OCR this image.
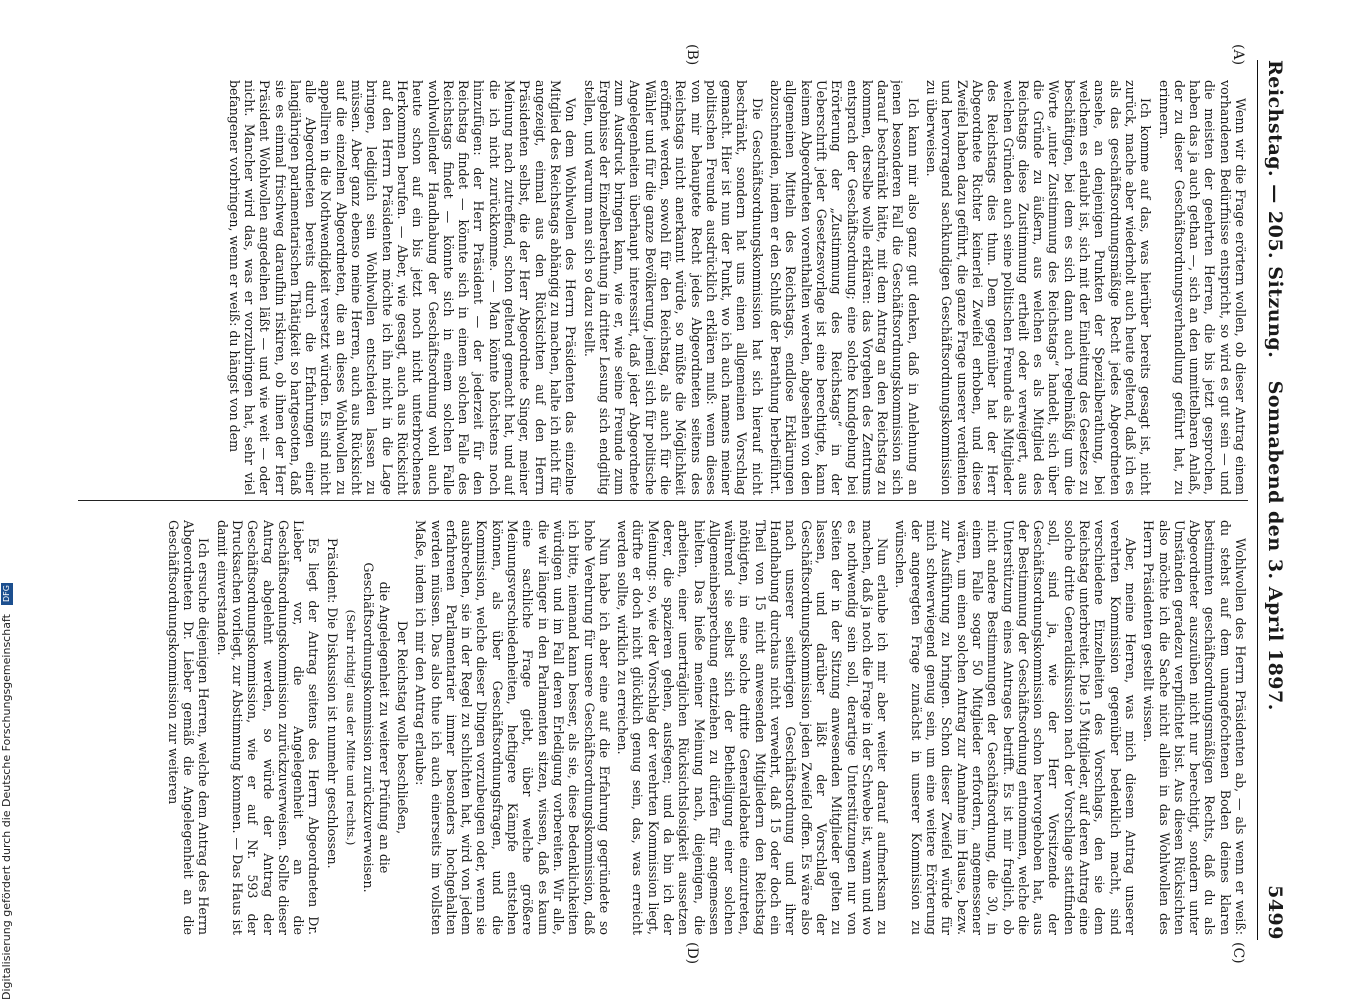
Reichstag. — 205. Sitzung.
Sonnabend den 3. April 1897.  5499
(A)
(B)
(C)
(D)

Wenn wir die Frage erörtern wollen, ob dieser Antrag einem vorhandenen Bedürfnisse entspricht, so wird es gut sein — und die meisten der geehrten Herren, die bis jetzt gesprochen, haben das ja auch gethan —, sich an den unmittelbaren Anlaß, der zu dieser Geschäftsordnungsverhandlung geführt hat, zu erinnern.

Ich komme auf das, was hierüber bereits gesagt ist, nicht zurück, mache aber wiederholt auch heute geltend, daß ich es als das geschäftsordnungsmäßige Recht jedes Abgeordneten ansehe, an denjenigen Punkten der Spezialberathung, bei welchem es erlaubt ist, sich mit der Einleitung des Gesetzes zu beschäftigen, bei dem es sich dann auch regelmäßig um die Worte „unter Zustimmung des Reichstags“ handelt, sich über die Gründe zu äußern, aus welchen es als Mitglied des Reichstags diese Zustimmung ertheilt oder verweigert, aus welchen Gründen auch seine politischen Freunde als Mitglieder des Reichstags dies thun. Dem gegenüber hat der Herr Abgeordnete Richter keinerlei Zweifel erhoben, und diese Zweifel haben dazu geführt, die ganze Frage unserer verdienten und hervorragend sachkundigen Geschäftsordnungskommission zu überweisen.

Ich kann mir also ganz gut denken, daß in Anlehnung an jenen besonderen Fall die Geschäftsordnungskommission sich darauf beschränkt hätte, mit dem Antrag an den Reichstag zu kommen, derselbe wolle erklären: das Vorgehen des Zentrums entsprach der Geschäftsordnung; eine solche Kundgebung bei Erörterung der „Zustimmung des Reichstags“ in der Ueberschrift jeder Gesetzesvorlage ist eine berechtigte, kann keinem Abgeordneten vorenthalten werden, abgesehen von den allgemeinen Mitteln des Reichstags, endlose Erklärungen abzuschneiden, indem er den Schluß der Berathung herbeiführt.

Die Geschäftsordnungskommission hat sich hierauf nicht beschränkt, sondern hat uns einen allgemeinen Vorschlag gemacht. Hier ist nun der Punkt, wo ich auch namens meiner politischen Freunde ausdrücklich erklären muß: wenn dieses von mir behauptete Recht jedes Abgeordneten seitens des Reichstags nicht anerkannt würde, so müßte die Möglichkeit eröffnet werden, sowohl für den Reichstag, als auch für die Wähler und für die ganze Bevölkerung, jemeil sich für politische Angelegenheiten überhaupt interessirt, daß jeder Abgeordnete zum Ausdruck bringen kann, wie er, wie seine Freunde zum Ergebnisse der Einzelberathung in dritter Lesung sich endgiltig stellen, und warum man sich so dazu stellt.

Von dem Wohlwollen des Herrn Präsidenten das einzelne Mitglied des Reichstags abhängig zu machen, halte ich nicht für angezeigt, einmal aus den Rücksichten auf den Herrn Präsidenten selbst, die der Herr Abgeordnete Singer, meiner Meinung nach zutreffend, schon geltend gemacht hat, und auf die ich nicht zurückkomme. — Man könnte höchstens noch hinzufügen: der Herr Präsident — der jederzeit für den Reichstag findet — könnte sich in einem solchen Falle des Reichstags findet — könnte sich in einem solchen Falle wohlwollender Handhabung der Geschäftsordnung wohl auch heute schon auf ein bis jetzt noch nicht unterbrochenes Herkommen berufen. — Aber, wie gesagt, auch aus Rücksicht auf den Herrn Präsidenten möchte ich ihn nicht in die Lage bringen, lediglich sein Wohlwollen entscheiden lassen zu müssen. Aber ganz ebenso meine Herren, auch aus Rücksicht auf die einzelnen Abgeordneten, die an dieses Wohlwollen zu appelliren in die Nothwendigkeit versetzt würden. Es sind nicht alle Abgeordneten bereits durch die Erfahrungen einer langjährigen parlamentarischen Thätigkeit so hartgesotten, daß sie es einmal frischweg daraufhin riskiren, ob ihnen der Herr Präsident Wohlwollen angedeihen läßt — und wie weit — oder nicht. Mancher wird das, was er vorzubringen hat, sehr viel befangener vorbringen, wenn er weiß: du hängst von dem

Wohlwollen des Herrn Präsidenten ab, — als wenn er weiß: du stehst auf dem unangefochtenen Boden deines klaren bestimmten geschäftsordnungsmäßigen Rechts, daß du als Abgeordneter auszuüben nicht nur berechtigt, sondern unter Umständen geradezu verpflichtet bist. Aus diesen Rücksichten also möchte ich die Sache nicht allein in das Wohlwollen des Herrn Präsidenten gestellt wissen.

Aber, meine Herren, was mich diesem Antrag unserer verehrten Kommission gegenüber bedenklich macht, sind verschiedene Einzelheiten des Vorschlags, den sie dem Reichstag unterbreitet. Die 15 Mitglieder, auf deren Antrag eine solche dritte Generaldiskussion nach der Vorschlage stattfinden soll, sind ja, wie der Herr Vorsitzende der Geschäftsordnungskommission schon hervorgehoben hat, aus der Bestimmung der Geschäftsordnung entnommen, welche die Unterstützung eines Antrages betrifft. Es ist mir fraglich, ob nicht andere Bestimmungen der Geschäftsordnung, die 30, in einem Falle sogar 50 Mitglieder erfordern, angemessener wären, um einen solchen Antrag zur Annahme im Hause, bezw. zur Ausführung zu bringen. Schon dieser Zweifel würde für mich schwerwiegend genug sein, um eine weitere Erörterung der angeregten Frage zunächst in unserer Kommission zu wünschen.

Nun erlaube ich mir aber weiter darauf aufmerksam zu machen, daß ja noch die Frage in der Schwebe ist, wann und wo es nothwendig sein soll, derartige Unterstützungen nur von Seiten der in der Sitzung anwesenden Mitglieder gelten zu lassen, und darüber läßt der Vorschlag der Geschäftsordnungskommission jeden Zweifel offen. Es wäre also nach unserer seitherigen Geschäftsordnung und ihrer Handhabung durchaus nicht verwehrt, daß 15 oder doch ein Theil von 15 nicht anwesenden Mitgliedern den Reichstag nöthigten, in eine solche dritte Generaldebatte einzutreten, während sie selbst sich der Betheiligung einer solchen Allgemeinbesprechung entziehen zu dürfen für angemessen hielten. Das hieße meiner Meinung nach, diejenigen, die arbeiten, einer unerträglichen Rücksichtslosigkeit aussetzen derer, die spazieren gehen, ausfegen; und da bin ich der Meinung: so, wie der Vorschlag der verehrten Kommission liegt, dürfte er doch nicht glücklich genug sein, das, was erreicht werden sollte, wirklich zu erreichen.

Nun habe ich aber eine auf die Erfahrung gegründete so hohe Verehrung für unsere Geschäftsordnungskommission, daß ich bitte, niemand kann besser, als sie, diese Bedenklichkeiten würdigen und im Fall deren Erledigung vorbereiten. Wir alle, die wir länger in den Parlamenten sitzen, wissen, daß es kaum eine sachliche Frage giebt, über welche größere Meinungsverschiedenheiten, heftigere Kämpfe entstehen können, als über Geschäftsordnungsfragen, und die Kommission, welche dieser Dingen vorzubeugen oder, wenn sie ausbrechen, sie in der Regel zu schlichten hat, wird von jedem erfahrenen Parlamentarier immer besonders hochgehalten werden müssen. Das also thue ich auch einerseits im vollsten Maße, indem ich mir den Antrag erlaube:

Der Reichstag wolle beschließen,

die Angelegenheit zu weiterer Prüfung an die Geschäftsordnungskommission zurückzuverweisen.

(Sehr richtig! aus der Mitte und rechts.)

Präsident: Die Diskussion ist nunmehr geschlossen.

Es liegt der Antrag seitens des Herrn Abgeordneten Dr. Lieber vor, die Angelegenheit an die Geschäftsordnungskommission zurückzuverweisen. Sollte dieser Antrag abgelehnt werden, so würde der Antrag der Geschäftsordnungskommission, wie er auf Nr. 593 der Drucksachen vorliegt, zur Abstimmung kommen. — Das Haus ist damit einverstanden.

Ich ersuche diejenigen Herren, welche dem Antrag des Herrn Abgeordneten Dr. Lieber gemäß die Angelegenheit an die Geschäftsordnungskommission zur weiteren

Digitalisierung gefördert durch die Deutsche Forschungsgemeinschaft DFG
